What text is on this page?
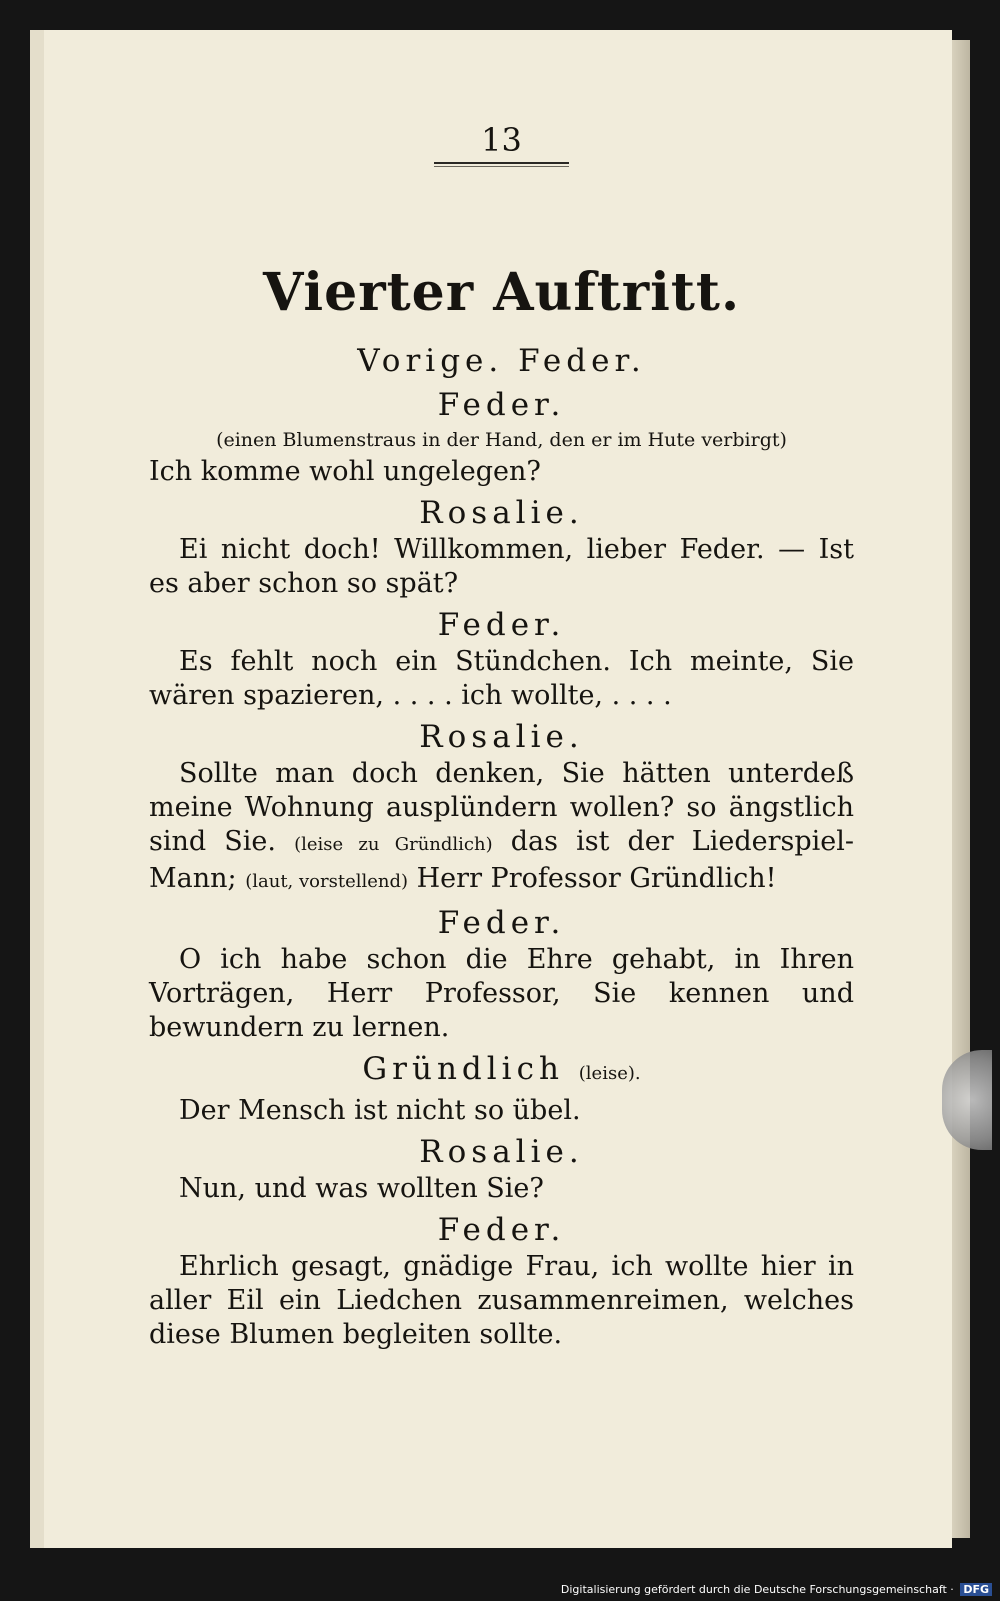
13
Vierter Auftritt.
Vorige. Feder.
Feder.
(einen Blumenstraus in der Hand, den er im Hute verbirgt)
Ich komme wohl ungelegen?
Rosalie.
Ei nicht doch! Willkommen, lieber Feder. — Ist es aber schon so spät?
Feder.
Es fehlt noch ein Stündchen. Ich meinte, Sie wären spazieren, . . . . ich wollte, . . . .
Rosalie.
Sollte man doch denken, Sie hätten unterdeß meine Wohnung ausplündern wollen? so ängstlich sind Sie. (leise zu Gründlich) das ist der Liederspiel-Mann; (laut, vorstellend) Herr Professor Gründlich!
Feder.
O ich habe schon die Ehre gehabt, in Ihren Vorträgen, Herr Professor, Sie kennen und bewundern zu lernen.
Gründlich (leise).
Der Mensch ist nicht so übel.
Rosalie.
Nun, und was wollten Sie?
Feder.
Ehrlich gesagt, gnädige Frau, ich wollte hier in aller Eil ein Liedchen zusammenreimen, welches diese Blumen begleiten sollte.
Digitalisierung gefördert durch die Deutsche Forschungsgemeinschaft · DFG
